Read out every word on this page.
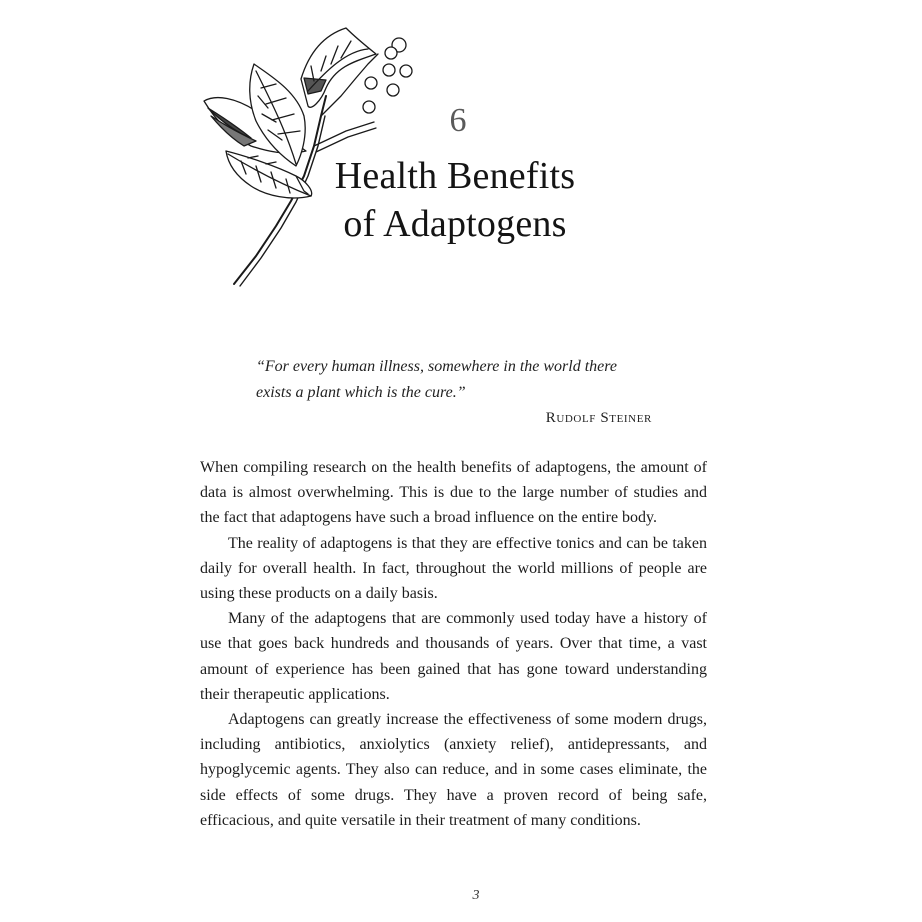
6
Health Benefits
of Adaptogens

“For every human illness, somewhere in the world there
exists a plant which is the cure.”

Rudolf Steiner

When compiling research on the health benefits of adaptogens, the amount of data is almost overwhelming. This is due to the large number of studies and the fact that adaptogens have such a broad influence on the entire body.

The reality of adaptogens is that they are effective tonics and can be taken daily for overall health. In fact, throughout the world millions of people are using these products on a daily basis.

Many of the adaptogens that are commonly used today have a history of use that goes back hundreds and thousands of years. Over that time, a vast amount of experience has been gained that has gone toward understanding their therapeutic applications.

Adaptogens can greatly increase the effectiveness of some modern drugs, including antibiotics, anxiolytics (anxiety relief), antidepressants, and hypoglycemic agents. They also can reduce, and in some cases eliminate, the side effects of some drugs. They have a proven record of being safe, efficacious, and quite versatile in their treatment of many conditions.

3
